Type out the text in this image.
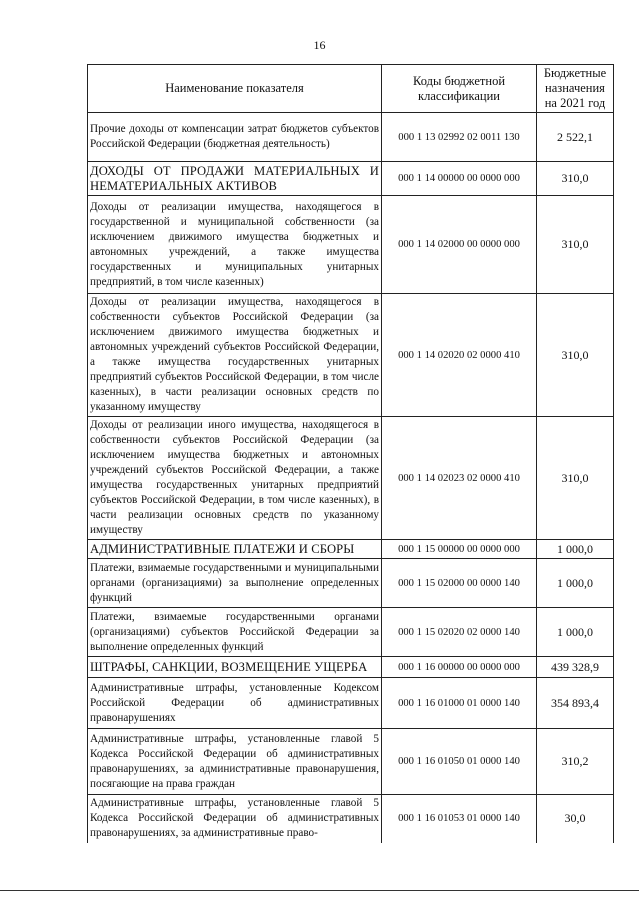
16
Наименование показателя	Коды бюджетной классификации	Бюджетные назначения на 2021 год
Прочие доходы от компенсации затрат бюджетов субъектов Российской Федерации (бюджетная деятельность)	000 1 13 02992 02 0011 130	2 522,1
ДОХОДЫ ОТ ПРОДАЖИ МАТЕРИАЛЬНЫХ И НЕМАТЕРИАЛЬНЫХ АКТИВОВ	000 1 14 00000 00 0000 000	310,0
Доходы от реализации имущества, находящегося в государственной и муниципальной собственности (за исключением движимого имущества бюджетных и автономных учреждений, а также имущества государственных и муниципальных унитарных предприятий, в том числе казенных)	000 1 14 02000 00 0000 000	310,0
Доходы от реализации имущества, находящегося в собственности субъектов Российской Федерации (за исключением движимого имущества бюджетных и автономных учреждений субъектов Российской Федерации, а также имущества государственных унитарных предприятий субъектов Российской Федерации, в том числе казенных), в части реализации основных средств по указанному имуществу	000 1 14 02020 02 0000 410	310,0
Доходы от реализации иного имущества, находящегося в собственности субъектов Российской Федерации (за исключением имущества бюджетных и автономных учреждений субъектов Российской Федерации, а также имущества государственных унитарных предприятий субъектов Российской Федерации, в том числе казенных), в части реализации основных средств по указанному имуществу	000 1 14 02023 02 0000 410	310,0
АДМИНИСТРАТИВНЫЕ ПЛАТЕЖИ И СБОРЫ	000 1 15 00000 00 0000 000	1 000,0
Платежи, взимаемые государственными и муниципальными органами (организациями) за выполнение определенных функций	000 1 15 02000 00 0000 140	1 000,0
Платежи, взимаемые государственными органами (организациями) субъектов Российской Федерации за выполнение определенных функций	000 1 15 02020 02 0000 140	1 000,0
ШТРАФЫ, САНКЦИИ, ВОЗМЕЩЕНИЕ УЩЕРБА	000 1 16 00000 00 0000 000	439 328,9
Административные штрафы, установленные Кодексом Российской Федерации об административных правонарушениях	000 1 16 01000 01 0000 140	354 893,4
Административные штрафы, установленные главой 5 Кодекса Российской Федерации об административных правонарушениях, за административные правонарушения, посягающие на права граждан	000 1 16 01050 01 0000 140	310,2
Административные штрафы, установленные главой 5 Кодекса Российской Федерации об административных правонарушениях, за административные право-	000 1 16 01053 01 0000 140	30,0
